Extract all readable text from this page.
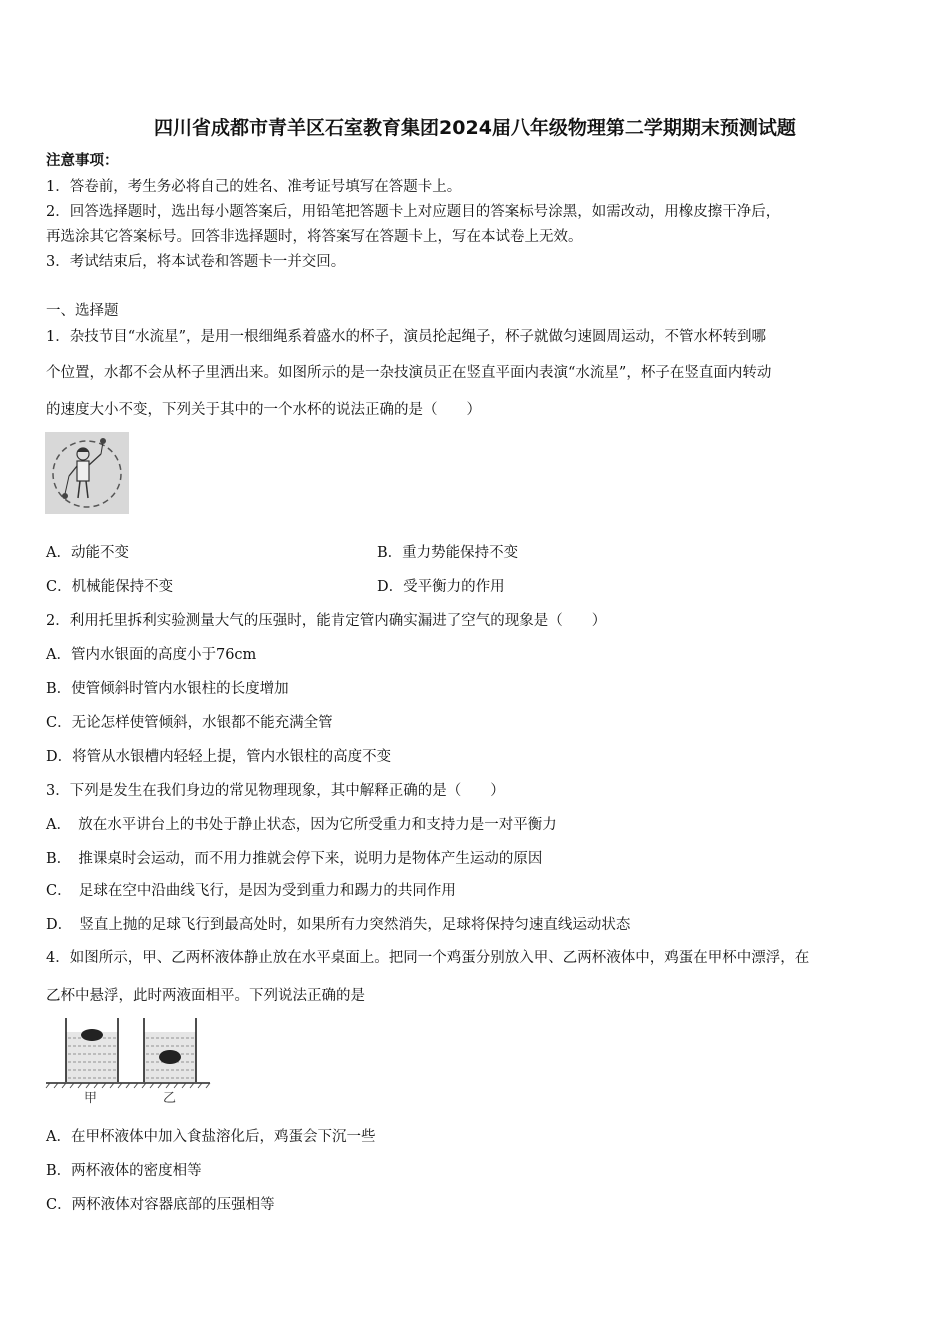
四川省成都市青羊区石室教育集团2024届八年级物理第二学期期末预测试题
注意事项：
1．答卷前，考生务必将自己的姓名、准考证号填写在答题卡上。
2．回答选择题时，选出每小题答案后，用铅笔把答题卡上对应题目的答案标号涂黑，如需改动，用橡皮擦干净后，
再选涂其它答案标号。回答非选择题时，将答案写在答题卡上，写在本试卷上无效。
3．考试结束后，将本试卷和答题卡一并交回。
一、选择题
1．杂技节目“水流星”，是用一根细绳系着盛水的杯子，演员抡起绳子，杯子就做匀速圆周运动，不管水杯转到哪
个位置，水都不会从杯子里洒出来。如图所示的是一杂技演员正在竖直平面内表演“水流星”，杯子在竖直面内转动
的速度大小不变，下列关于其中的一个水杯的说法正确的是（　　）
A．动能不变	B．重力势能保持不变
C．机械能保持不变	D．受平衡力的作用
2．利用托里拆利实验测量大气的压强时，能肯定管内确实漏进了空气的现象是（　　）
A．管内水银面的高度小于76cm
B．使管倾斜时管内水银柱的长度增加
C．无论怎样使管倾斜，水银都不能充满全管
D．将管从水银槽内轻轻上提，管内水银柱的高度不变
3．下列是发生在我们身边的常见物理现象，其中解释正确的是（　　）
A．　放在水平讲台上的书处于静止状态，因为它所受重力和支持力是一对平衡力
B．　推课桌时会运动，而不用力推就会停下来，说明力是物体产生运动的原因
C．　足球在空中沿曲线飞行，是因为受到重力和踢力的共同作用
D．　竖直上抛的足球飞行到最高处时，如果所有力突然消失，足球将保持匀速直线运动状态
4．如图所示，甲、乙两杯液体静止放在水平桌面上。把同一个鸡蛋分别放入甲、乙两杯液体中，鸡蛋在甲杯中漂浮，在
乙杯中悬浮，此时两液面相平。下列说法正确的是
甲	乙
A．在甲杯液体中加入食盐溶化后，鸡蛋会下沉一些
B．两杯液体的密度相等
C．两杯液体对容器底部的压强相等
